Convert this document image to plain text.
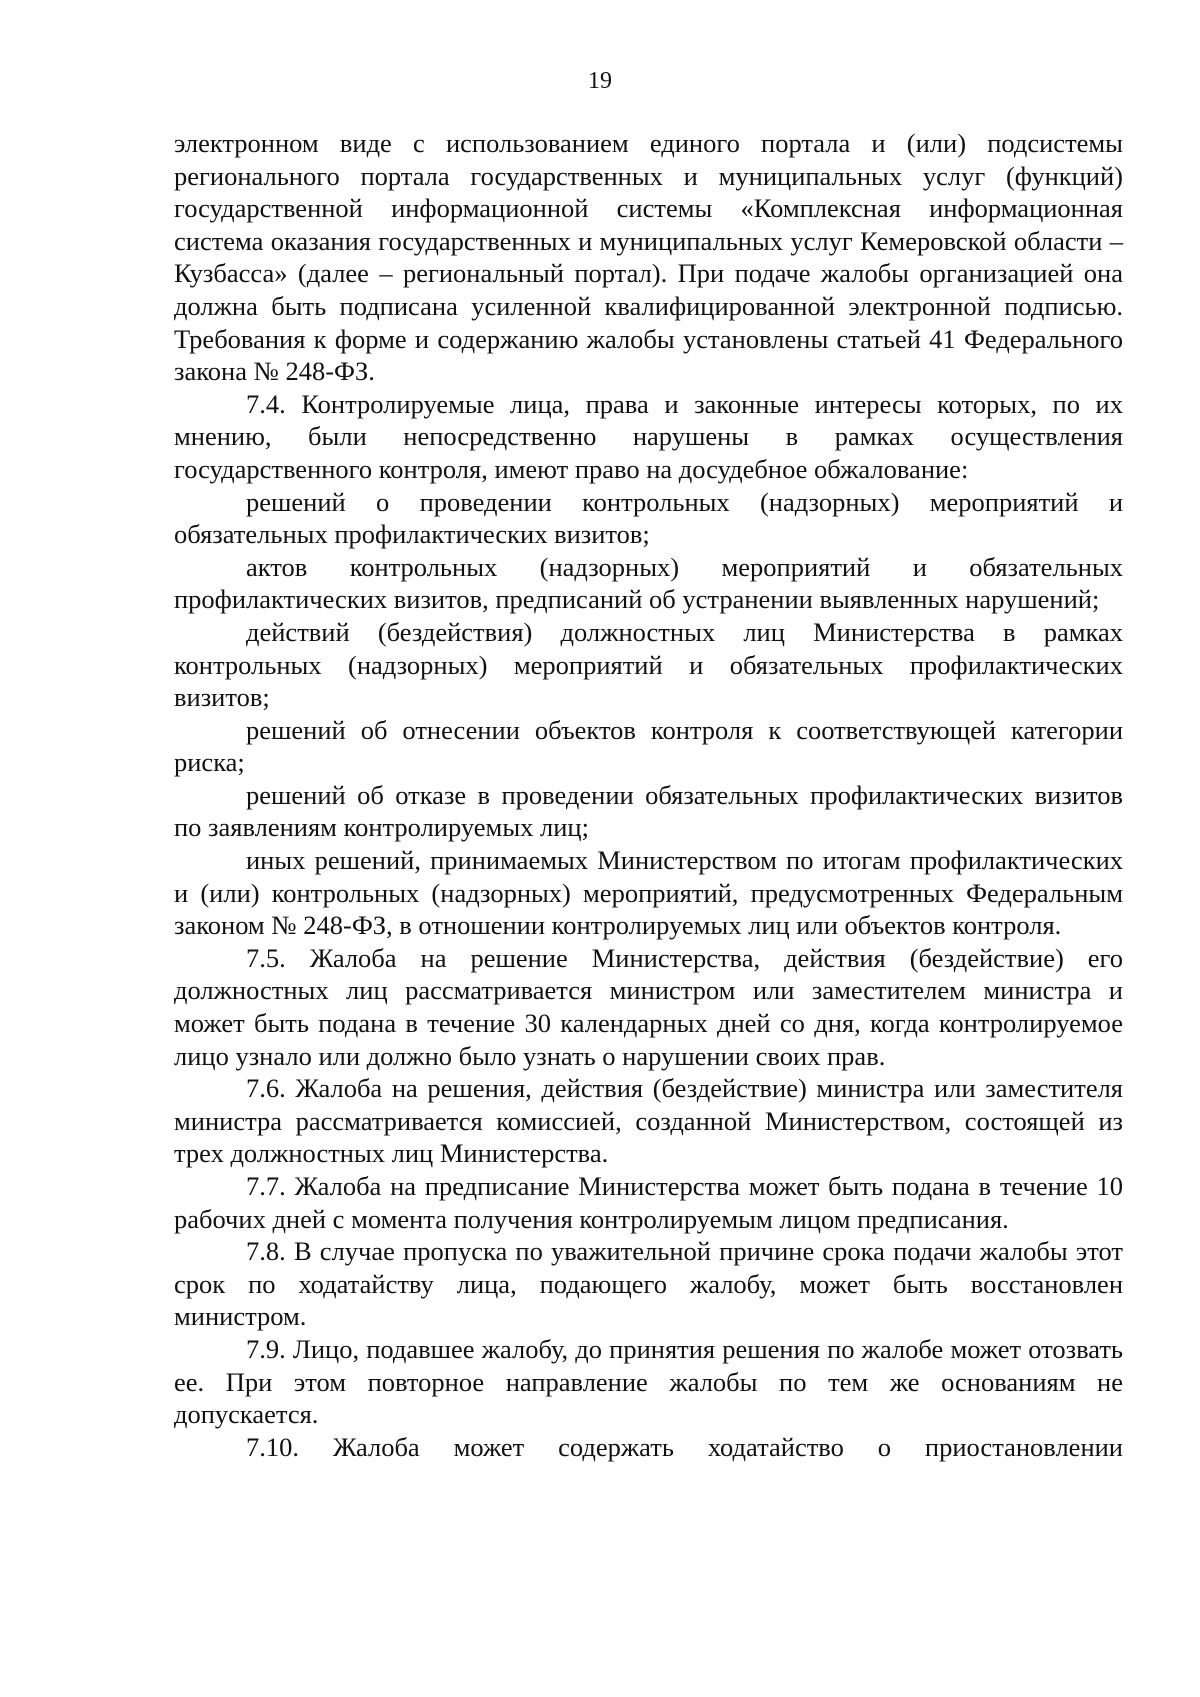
19

электронном виде с использованием единого портала и (или) подсистемы регионального портала государственных и муниципальных услуг (функций) государственной информационной системы «Комплексная информационная система оказания государственных и муниципальных услуг Кемеровской области – Кузбасса» (далее – региональный портал). При подаче жалобы организацией она должна быть подписана усиленной квалифицированной электронной подписью. Требования к форме и содержанию жалобы установлены статьей 41 Федерального закона № 248-ФЗ.

7.4. Контролируемые лица, права и законные интересы которых, по их мнению, были непосредственно нарушены в рамках осуществления государственного контроля, имеют право на досудебное обжалование:

решений о проведении контрольных (надзорных) мероприятий и обязательных профилактических визитов;

актов контрольных (надзорных) мероприятий и обязательных профилактических визитов, предписаний об устранении выявленных нарушений;

действий (бездействия) должностных лиц Министерства в рамках контрольных (надзорных) мероприятий и обязательных профилактических визитов;

решений об отнесении объектов контроля к соответствующей категории риска;

решений об отказе в проведении обязательных профилактических визитов по заявлениям контролируемых лиц;

иных решений, принимаемых Министерством по итогам профилактических и (или) контрольных (надзорных) мероприятий, предусмотренных Федеральным законом № 248-ФЗ, в отношении контролируемых лиц или объектов контроля.

7.5. Жалоба на решение Министерства, действия (бездействие) его должностных лиц рассматривается министром или заместителем министра и может быть подана в течение 30 календарных дней со дня, когда контролируемое лицо узнало или должно было узнать о нарушении своих прав.

7.6. Жалоба на решения, действия (бездействие) министра или заместителя министра рассматривается комиссией, созданной Министерством, состоящей из трех должностных лиц Министерства.

7.7. Жалоба на предписание Министерства может быть подана в течение 10 рабочих дней с момента получения контролируемым лицом предписания.

7.8. В случае пропуска по уважительной причине срока подачи жалобы этот срок по ходатайству лица, подающего жалобу, может быть восстановлен министром.

7.9. Лицо, подавшее жалобу, до принятия решения по жалобе может отозвать ее. При этом повторное направление жалобы по тем же основаниям не допускается.

7.10. Жалоба может содержать ходатайство о приостановлении
